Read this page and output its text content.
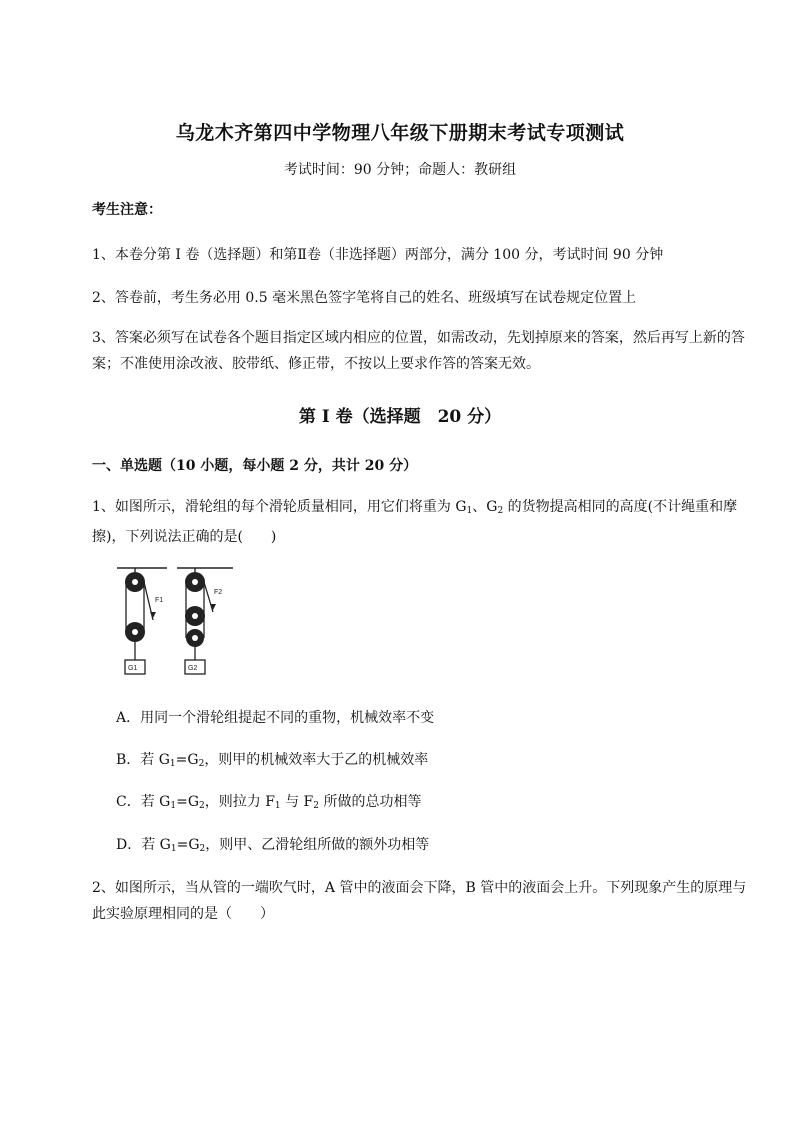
乌龙木齐第四中学物理八年级下册期末考试专项测试
考试时间：90 分钟；命题人：教研组
考生注意：
1、本卷分第 I 卷（选择题）和第Ⅱ卷（非选择题）两部分，满分 100 分，考试时间 90 分钟
2、答卷前，考生务必用 0.5 毫米黑色签字笔将自己的姓名、班级填写在试卷规定位置上
3、答案必须写在试卷各个题目指定区域内相应的位置，如需改动，先划掉原来的答案，然后再写上新的答案；不准使用涂改液、胶带纸、修正带，不按以上要求作答的答案无效。
第 I 卷（选择题　20 分）
一、单选题（10 小题，每小题 2 分，共计 20 分）
1、如图所示，滑轮组的每个滑轮质量相同，用它们将重为 $G_1$、$G_2$ 的货物提高相同的高度(不计绳重和摩擦)，下列说法正确的是(　　)
F1
F2
G1	G2
A．用同一个滑轮组提起不同的重物，机械效率不变
B．若 $G_1=G_2$，则甲的机械效率大于乙的机械效率
C．若 $G_1=G_2$，则拉力 $F_1$ 与 $F_2$ 所做的总功相等
D．若 $G_1=G_2$，则甲、乙滑轮组所做的额外功相等
2、如图所示，当从管的一端吹气时，A 管中的液面会下降，B 管中的液面会上升。下列现象产生的原理与此实验原理相同的是（　　）
